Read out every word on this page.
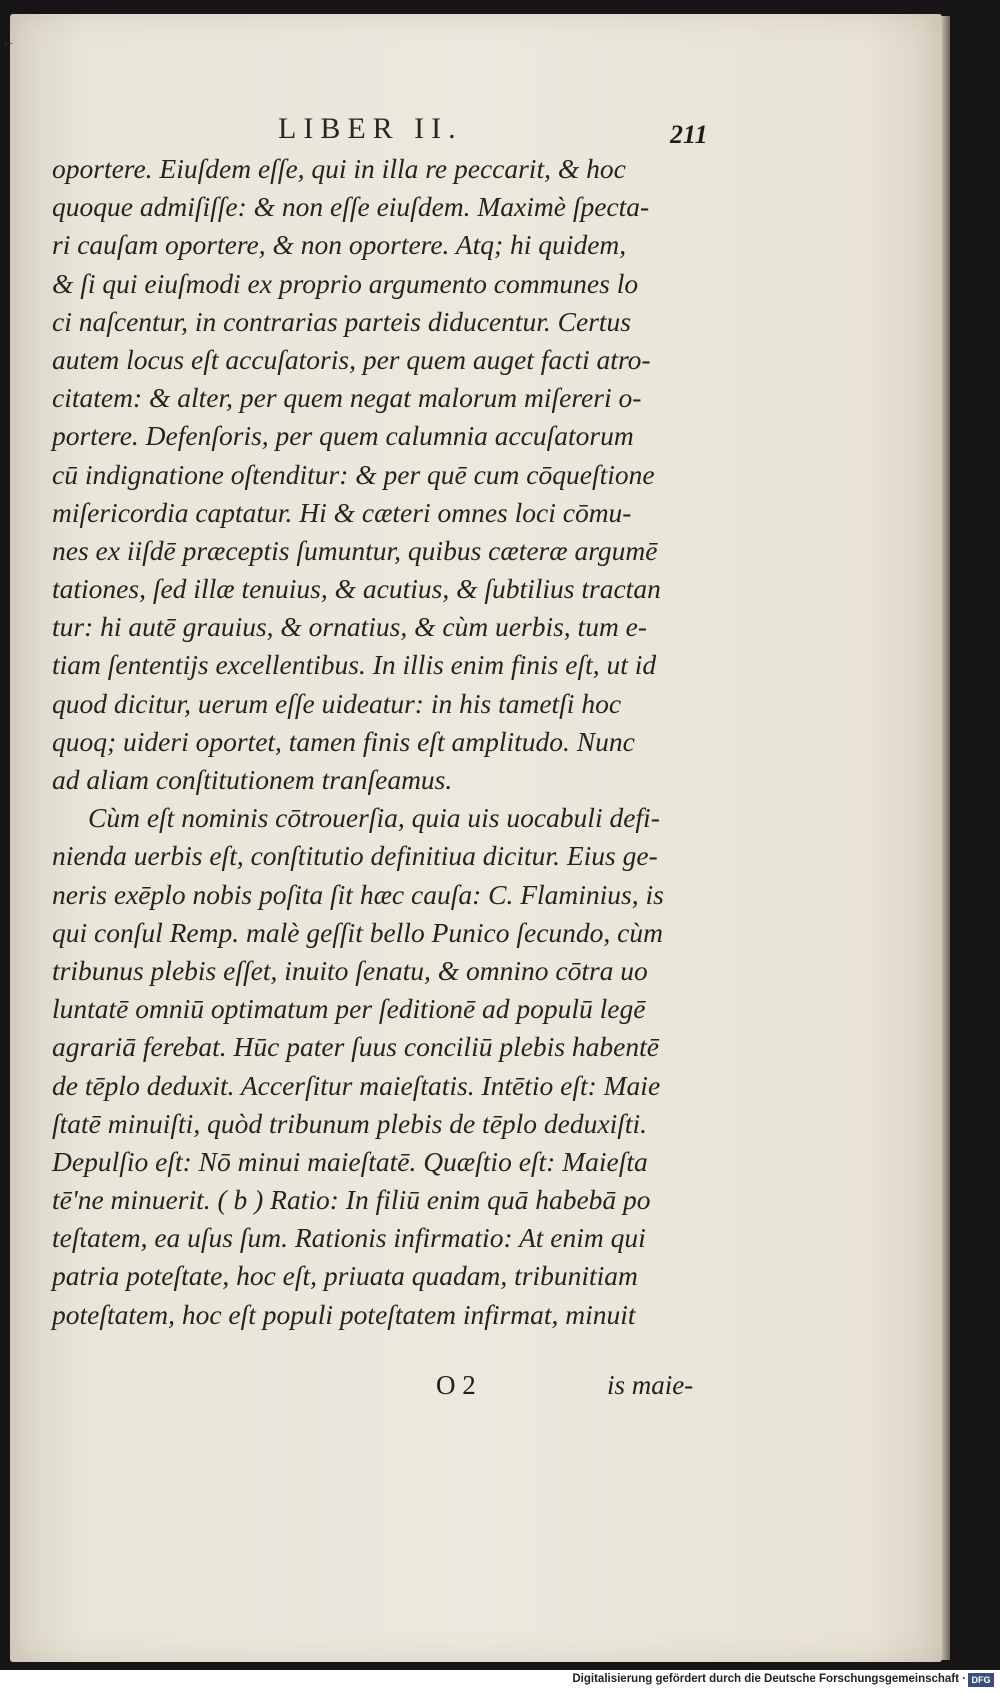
⌐
LIBER II.	211
oportere. Eiuſdem eſſe, qui in illa re peccarit, & hoc
quoque admiſiſſe: & non eſſe eiuſdem. Maximè ſpecta-
ri cauſam oportere, & non oportere. Atq; hi quidem,
& ſi qui eiuſmodi ex proprio argumento communes lo
ci naſcentur, in contrarias parteis diducentur. Certus
autem locus eſt accuſatoris, per quem auget facti atro-
citatem: & alter, per quem negat malorum miſereri o-
portere. Defenſoris, per quem calumnia accuſatorum
cū indignatione oſtenditur: & per quē cum cōqueſtione
miſericordia captatur. Hi & cæteri omnes loci cōmu-
nes ex iiſdē præceptis ſumuntur, quibus cæteræ argumē
tationes, ſed illæ tenuius, & acutius, & ſubtilius tractan
tur: hi autē grauius, & ornatius, & cùm uerbis, tum e-
tiam ſententijs excellentibus. In illis enim finis eſt, ut id
quod dicitur, uerum eſſe uideatur: in his tametſi hoc
quoq; uideri oportet, tamen finis eſt amplitudo. Nunc
ad aliam conſtitutionem tranſeamus.
Cùm eſt nominis cōtrouerſia, quia uis uocabuli defi-
nienda uerbis eſt, conſtitutio definitiua dicitur. Eius ge-
neris exēplo nobis poſita ſit hæc cauſa: C. Flaminius, is
qui conſul Remp. malè geſſit bello Punico ſecundo, cùm
tribunus plebis eſſet, inuito ſenatu, & omnino cōtra uo
luntatē omniū optimatum per ſeditionē ad populū legē
agrariā ferebat. Hūc pater ſuus conciliū plebis habentē
de tēplo deduxit. Accerſitur maieſtatis. Intētio eſt: Maie
ſtatē minuiſti, quòd tribunum plebis de tēplo deduxiſti.
Depulſio eſt: Nō minui maieſtatē. Quæſtio eſt: Maieſta
tē'ne minuerit. ( b ) Ratio: In filiū enim quā habebā po
teſtatem, ea uſus ſum. Rationis infirmatio: At enim qui
patria poteſtate, hoc eſt, priuata quadam, tribunitiam
poteſtatem, hoc eſt populi poteſtatem infirmat, minuit
O 2	is maie-
Digitalisierung gefördert durch die Deutsche Forschungsgemeinschaft · DFG
